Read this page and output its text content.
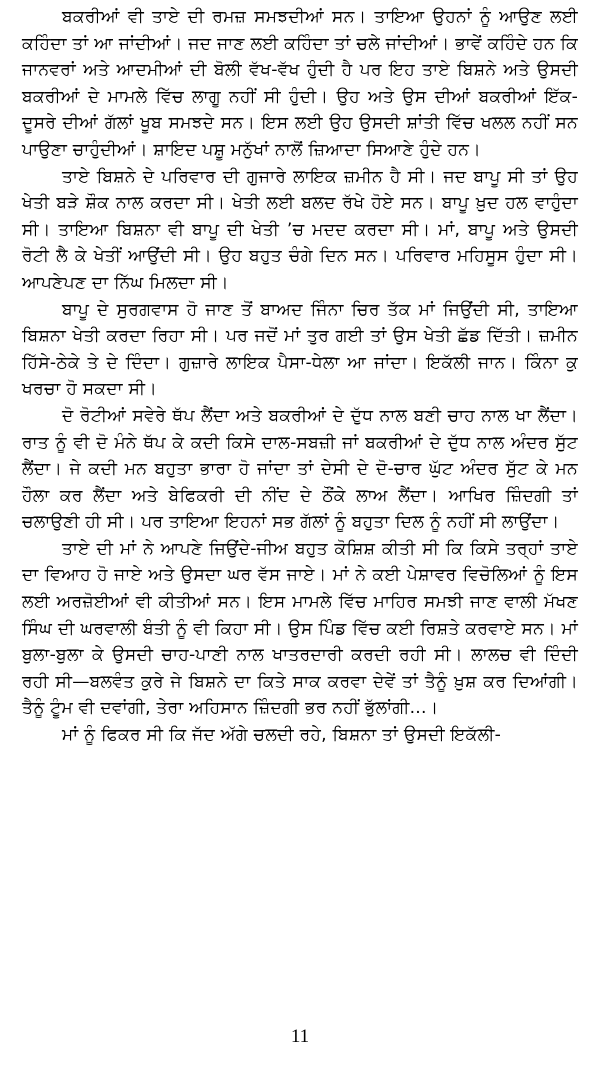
ਬਕਰੀਆਂ ਵੀ ਤਾਏ ਦੀ ਰਮਜ਼ ਸਮਝਦੀਆਂ ਸਨ। ਤਾਇਆ ਉਹਨਾਂ ਨੂੰ ਆਉਣ ਲਈ ਕਹਿੰਦਾ ਤਾਂ ਆ ਜਾਂਦੀਆਂ। ਜਦ ਜਾਣ ਲਈ ਕਹਿੰਦਾ ਤਾਂ ਚਲੇ ਜਾਂਦੀਆਂ। ਭਾਵੇਂ ਕਹਿੰਦੇ ਹਨ ਕਿ ਜਾਨਵਰਾਂ ਅਤੇ ਆਦਮੀਆਂ ਦੀ ਬੋਲੀ ਵੱਖ-ਵੱਖ ਹੁੰਦੀ ਹੈ ਪਰ ਇਹ ਤਾਏ ਬਿਸ਼ਨੇ ਅਤੇ ਉਸਦੀ ਬਕਰੀਆਂ ਦੇ ਮਾਮਲੇ ਵਿੱਚ ਲਾਗੂ ਨਹੀਂ ਸੀ ਹੁੰਦੀ। ਉਹ ਅਤੇ ਉਸ ਦੀਆਂ ਬਕਰੀਆਂ ਇੱਕ-ਦੂਸਰੇ ਦੀਆਂ ਗੱਲਾਂ ਖੂਬ ਸਮਝਦੇ ਸਨ। ਇਸ ਲਈ ਉਹ ਉਸਦੀ ਸ਼ਾਂਤੀ ਵਿੱਚ ਖਲਲ ਨਹੀਂ ਸਨ ਪਾਉਣਾ ਚਾਹੁੰਦੀਆਂ। ਸ਼ਾਇਦ ਪਸ਼ੂ ਮਨੁੱਖਾਂ ਨਾਲੋਂ ਜ਼ਿਆਦਾ ਸਿਆਣੇ ਹੁੰਦੇ ਹਨ।

ਤਾਏ ਬਿਸ਼ਨੇ ਦੇ ਪਰਿਵਾਰ ਦੀ ਗੁਜਾਰੇ ਲਾਇਕ ਜ਼ਮੀਨ ਹੈ ਸੀ। ਜਦ ਬਾਪੂ ਸੀ ਤਾਂ ਉਹ ਖੇਤੀ ਬੜੇ ਸ਼ੌਕ ਨਾਲ ਕਰਦਾ ਸੀ। ਖੇਤੀ ਲਈ ਬਲਦ ਰੱਖੇ ਹੋਏ ਸਨ। ਬਾਪੂ ਖ਼ੁਦ ਹਲ ਵਾਹੁੰਦਾ ਸੀ। ਤਾਇਆ ਬਿਸ਼ਨਾ ਵੀ ਬਾਪੂ ਦੀ ਖੇਤੀ ’ਚ ਮਦਦ ਕਰਦਾ ਸੀ। ਮਾਂ, ਬਾਪੂ ਅਤੇ ਉਸਦੀ ਰੋਟੀ ਲੈ ਕੇ ਖੇਤੀਂ ਆਉਂਦੀ ਸੀ। ਉਹ ਬਹੁਤ ਚੰਗੇ ਦਿਨ ਸਨ। ਪਰਿਵਾਰ ਮਹਿਸੂਸ ਹੁੰਦਾ ਸੀ। ਆਪਣੇਪਣ ਦਾ ਨਿੱਘ ਮਿਲਦਾ ਸੀ।

ਬਾਪੂ ਦੇ ਸੁਰਗਵਾਸ ਹੋ ਜਾਣ ਤੋਂ ਬਾਅਦ ਜਿੰਨਾ ਚਿਰ ਤੱਕ ਮਾਂ ਜਿਉਂਦੀ ਸੀ, ਤਾਇਆ ਬਿਸ਼ਨਾ ਖੇਤੀ ਕਰਦਾ ਰਿਹਾ ਸੀ। ਪਰ ਜਦੋਂ ਮਾਂ ਤੁਰ ਗਈ ਤਾਂ ਉਸ ਖੇਤੀ ਛੱਡ ਦਿੱਤੀ। ਜ਼ਮੀਨ ਹਿੱਸੇ-ਠੇਕੇ ਤੇ ਦੇ ਦਿੰਦਾ। ਗੁਜ਼ਾਰੇ ਲਾਇਕ ਪੈਸਾ-ਧੇਲਾ ਆ ਜਾਂਦਾ। ਇਕੱਲੀ ਜਾਨ। ਕਿੰਨਾ ਕੁ ਖਰਚਾ ਹੋ ਸਕਦਾ ਸੀ।

ਦੋ ਰੋਟੀਆਂ ਸਵੇਰੇ ਥੱਪ ਲੈਂਦਾ ਅਤੇ ਬਕਰੀਆਂ ਦੇ ਦੁੱਧ ਨਾਲ ਬਣੀ ਚਾਹ ਨਾਲ ਖਾ ਲੈਂਦਾ। ਰਾਤ ਨੂੰ ਵੀ ਦੋ ਮੰਨੇ ਥੱਪ ਕੇ ਕਦੀ ਕਿਸੇ ਦਾਲ-ਸਬਜ਼ੀ ਜਾਂ ਬਕਰੀਆਂ ਦੇ ਦੁੱਧ ਨਾਲ ਅੰਦਰ ਸੁੱਟ ਲੈਂਦਾ। ਜੇ ਕਦੀ ਮਨ ਬਹੁਤਾ ਭਾਰਾ ਹੋ ਜਾਂਦਾ ਤਾਂ ਦੇਸੀ ਦੇ ਦੋ-ਚਾਰ ਘੁੱਟ ਅੰਦਰ ਸੁੱਟ ਕੇ ਮਨ ਹੌਲਾ ਕਰ ਲੈਂਦਾ ਅਤੇ ਬੇਫਿਕਰੀ ਦੀ ਨੀਂਦ ਦੇ ਠੌਂਕੇ ਲਾਅ ਲੈਂਦਾ। ਆਖਿਰ ਜ਼ਿੰਦਗੀ ਤਾਂ ਚਲਾਉਣੀ ਹੀ ਸੀ। ਪਰ ਤਾਇਆ ਇਹਨਾਂ ਸਭ ਗੱਲਾਂ ਨੂੰ ਬਹੁਤਾ ਦਿਲ ਨੂੰ ਨਹੀਂ ਸੀ ਲਾਉਂਦਾ।

ਤਾਏ ਦੀ ਮਾਂ ਨੇ ਆਪਣੇ ਜਿਉਂਦੇ-ਜੀਅ ਬਹੁਤ ਕੋਸ਼ਿਸ਼ ਕੀਤੀ ਸੀ ਕਿ ਕਿਸੇ ਤਰ੍ਹਾਂ ਤਾਏ ਦਾ ਵਿਆਹ ਹੋ ਜਾਏ ਅਤੇ ਉਸਦਾ ਘਰ ਵੱਸ ਜਾਏ। ਮਾਂ ਨੇ ਕਈ ਪੇਸ਼ਾਵਰ ਵਿਚੋਲਿਆਂ ਨੂੰ ਇਸ ਲਈ ਅਰਜ਼ੋਈਆਂ ਵੀ ਕੀਤੀਆਂ ਸਨ। ਇਸ ਮਾਮਲੇ ਵਿੱਚ ਮਾਹਿਰ ਸਮਝੀ ਜਾਣ ਵਾਲੀ ਮੱਖਣ ਸਿੰਘ ਦੀ ਘਰਵਾਲੀ ਬੰਤੀ ਨੂੰ ਵੀ ਕਿਹਾ ਸੀ। ਉਸ ਪਿੰਡ ਵਿੱਚ ਕਈ ਰਿਸ਼ਤੇ ਕਰਵਾਏ ਸਨ। ਮਾਂ ਬੁਲਾ-ਬੁਲਾ ਕੇ ਉਸਦੀ ਚਾਹ-ਪਾਣੀ ਨਾਲ ਖਾਤਰਦਾਰੀ ਕਰਦੀ ਰਹੀ ਸੀ। ਲਾਲਚ ਵੀ ਦਿੰਦੀ ਰਹੀ ਸੀ—ਬਲਵੰਤ ਕੁਰੇ ਜੇ ਬਿਸ਼ਨੇ ਦਾ ਕਿਤੇ ਸਾਕ ਕਰਵਾ ਦੇਵੇਂ ਤਾਂ ਤੈਨੂੰ ਖ਼ੁਸ਼ ਕਰ ਦਿਆਂਗੀ। ਤੈਨੂੰ ਟੂੰਮ ਵੀ ਦਵਾਂਗੀ, ਤੇਰਾ ਅਹਿਸਾਨ ਜ਼ਿੰਦਗੀ ਭਰ ਨਹੀਂ ਭੁੱਲਾਂਗੀ...।

ਮਾਂ ਨੂੰ ਫਿਕਰ ਸੀ ਕਿ ਜੱਦ ਅੱਗੇ ਚਲਦੀ ਰਹੇ, ਬਿਸ਼ਨਾ ਤਾਂ ਉਸਦੀ ਇਕੱਲੀ-

11
